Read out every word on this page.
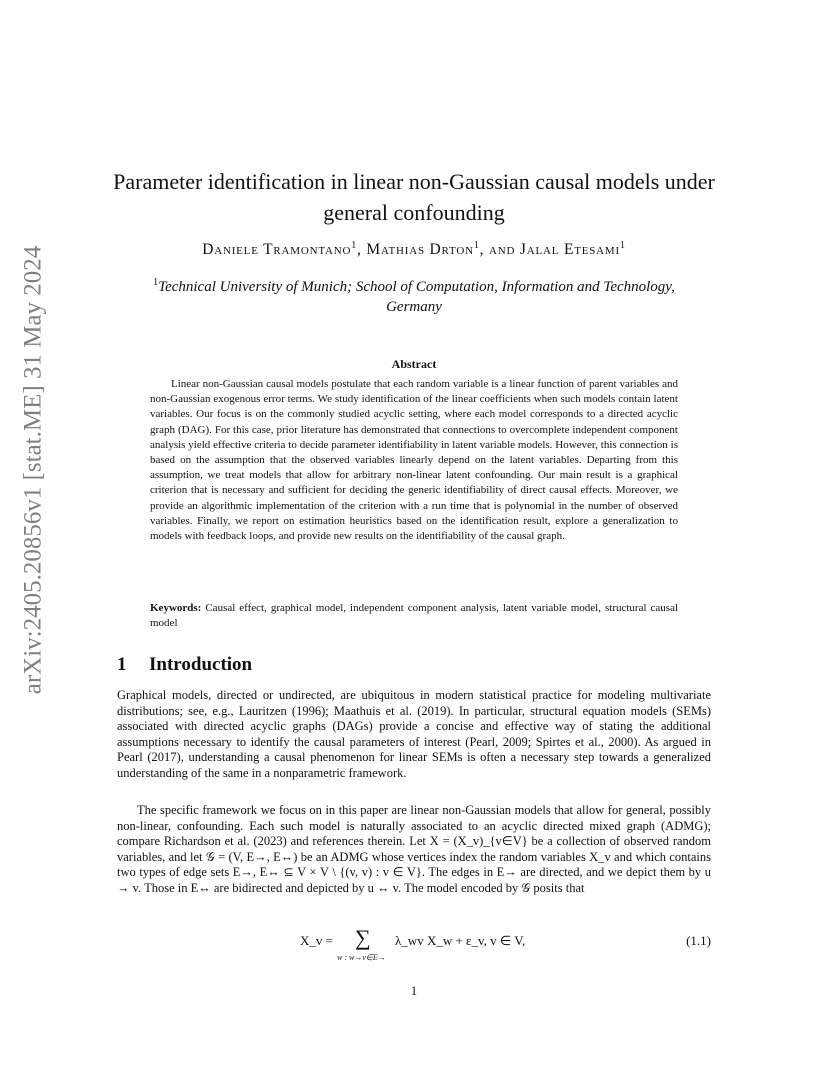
arXiv:2405.20856v1 [stat.ME] 31 May 2024
Parameter identification in linear non-Gaussian causal models under general confounding
Daniele Tramontano$^1$, Mathias Drton$^1$, and Jalal Etesami$^1$
$^1$Technical University of Munich; School of Computation, Information and Technology, Germany
Abstract
Linear non-Gaussian causal models postulate that each random variable is a linear function of parent variables and non-Gaussian exogenous error terms. We study identification of the linear coefficients when such models contain latent variables. Our focus is on the commonly studied acyclic setting, where each model corresponds to a directed acyclic graph (DAG). For this case, prior literature has demonstrated that connections to overcomplete independent component analysis yield effective criteria to decide parameter identifiability in latent variable models. However, this connection is based on the assumption that the observed variables linearly depend on the latent variables. Departing from this assumption, we treat models that allow for arbitrary non-linear latent confounding. Our main result is a graphical criterion that is necessary and sufficient for deciding the generic identifiability of direct causal effects. Moreover, we provide an algorithmic implementation of the criterion with a run time that is polynomial in the number of observed variables. Finally, we report on estimation heuristics based on the identification result, explore a generalization to models with feedback loops, and provide new results on the identifiability of the causal graph.
Keywords: Causal effect, graphical model, independent component analysis, latent variable model, structural causal model
1 Introduction
Graphical models, directed or undirected, are ubiquitous in modern statistical practice for modeling multivariate distributions; see, e.g., Lauritzen (1996); Maathuis et al. (2019). In particular, structural equation models (SEMs) associated with directed acyclic graphs (DAGs) provide a concise and effective way of stating the additional assumptions necessary to identify the causal parameters of interest (Pearl, 2009; Spirtes et al., 2000). As argued in Pearl (2017), understanding a causal phenomenon for linear SEMs is often a necessary step towards a generalized understanding of the same in a nonparametric framework.
The specific framework we focus on in this paper are linear non-Gaussian models that allow for general, possibly non-linear, confounding. Each such model is naturally associated to an acyclic directed mixed graph (ADMG); compare Richardson et al. (2023) and references therein. Let X = (X_v)_{v∈V} be a collection of observed random variables, and let 𝒢 = (V, E→, E↔) be an ADMG whose vertices index the random variables X_v and which contains two types of edge sets E→, E↔ ⊆ V × V \ {(v, v) : v ∈ V}. The edges in E→ are directed, and we depict them by u → v. Those in E↔ are bidirected and depicted by u ↔ v. The model encoded by 𝒢 posits that
X_v = ∑
w : w→v∈E→
λ_wv X_w + ε_v, v ∈ V,	(1.1)
1
